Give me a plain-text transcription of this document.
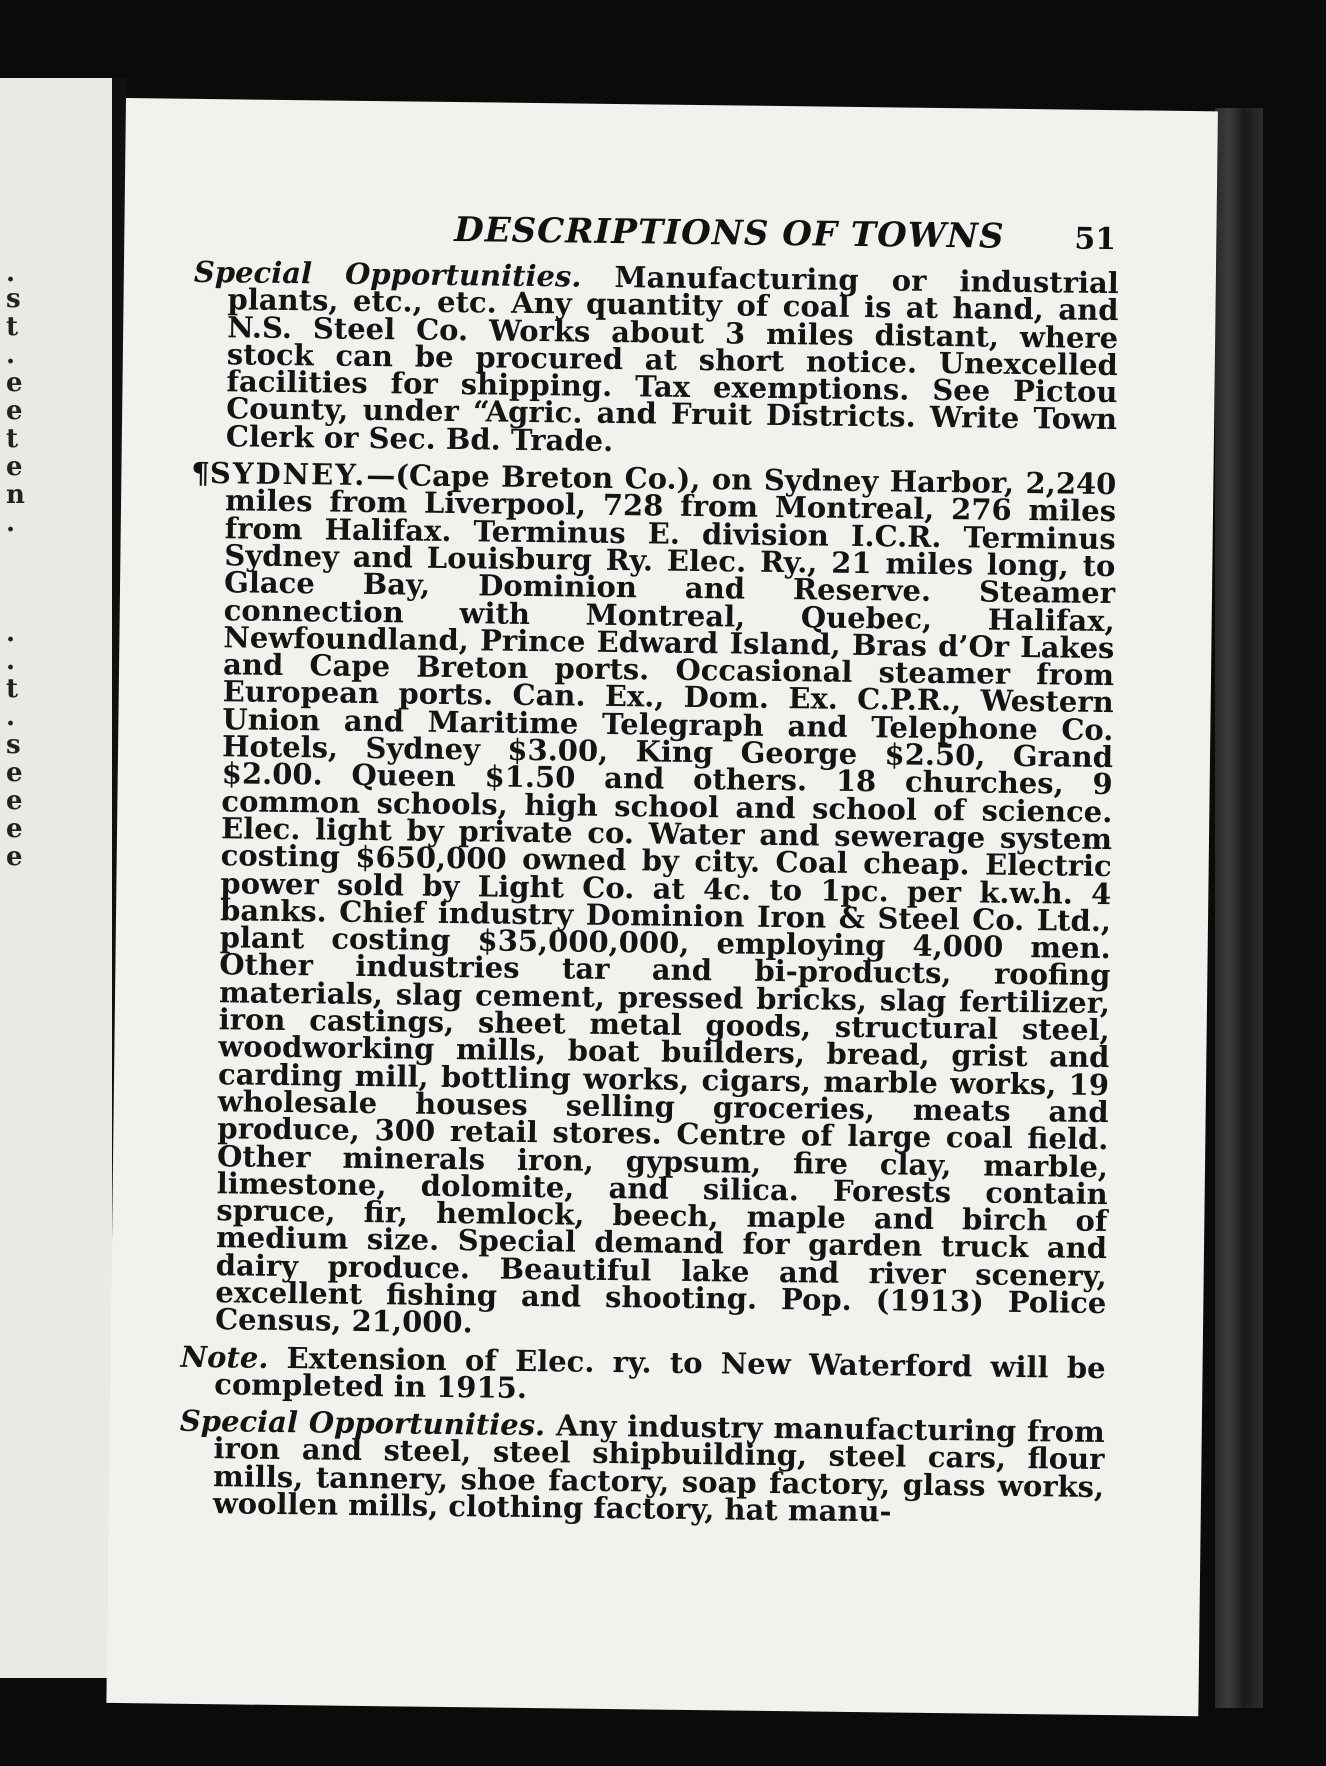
.
s
t
.
e
e
t
e
n
.
.
.
t
.
s
e
e
e
e
DESCRIPTIONS OF TOWNS	51

Special Opportunities. Manufacturing or industrial plants, etc., etc. Any quantity of coal is at hand, and N.S. Steel Co. Works about 3 miles distant, where stock can be procured at short notice. Unexcelled facilities for shipping. Tax exemptions. See Pictou County, under “Agric. and Fruit Districts. Write Town Clerk or Sec. Bd. Trade.

¶SYDNEY.—(Cape Breton Co.), on Sydney Harbor, 2,240 miles from Liverpool, 728 from Montreal, 276 miles from Halifax. Terminus E. division I.C.R. Terminus Sydney and Louisburg Ry. Elec. Ry., 21 miles long, to Glace Bay, Dominion and Reserve. Steamer connection with Montreal, Quebec, Halifax, Newfoundland, Prince Edward Island, Bras d’Or Lakes and Cape Breton ports. Occasional steamer from European ports. Can. Ex., Dom. Ex. C.P.R., Western Union and Maritime Telegraph and Telephone Co. Hotels, Sydney $3.00, King George $2.50, Grand $2.00. Queen $1.50 and others. 18 churches, 9 common schools, high school and school of science. Elec. light by private co. Water and sewerage system costing $650,000 owned by city. Coal cheap. Electric power sold by Light Co. at 4c. to 1pc. per k.w.h. 4 banks. Chief industry Dominion Iron & Steel Co. Ltd., plant costing $35,000,000, employing 4,000 men. Other industries tar and bi-products, roofing materials, slag cement, pressed bricks, slag fertilizer, iron castings, sheet metal goods, structural steel, woodworking mills, boat builders, bread, grist and carding mill, bottling works, cigars, marble works, 19 wholesale houses selling groceries, meats and produce, 300 retail stores. Centre of large coal field. Other minerals iron, gypsum, fire clay, marble, limestone, dolomite, and silica. Forests contain spruce, fir, hemlock, beech, maple and birch of medium size. Special demand for garden truck and dairy produce. Beautiful lake and river scenery, excellent fishing and shooting. Pop. (1913) Police Census, 21,000.

Note. Extension of Elec. ry. to New Waterford will be completed in 1915.

Special Opportunities. Any industry manufacturing from iron and steel, steel shipbuilding, steel cars, flour mills, tannery, shoe factory, soap factory, glass works, woollen mills, clothing factory, hat manu-
